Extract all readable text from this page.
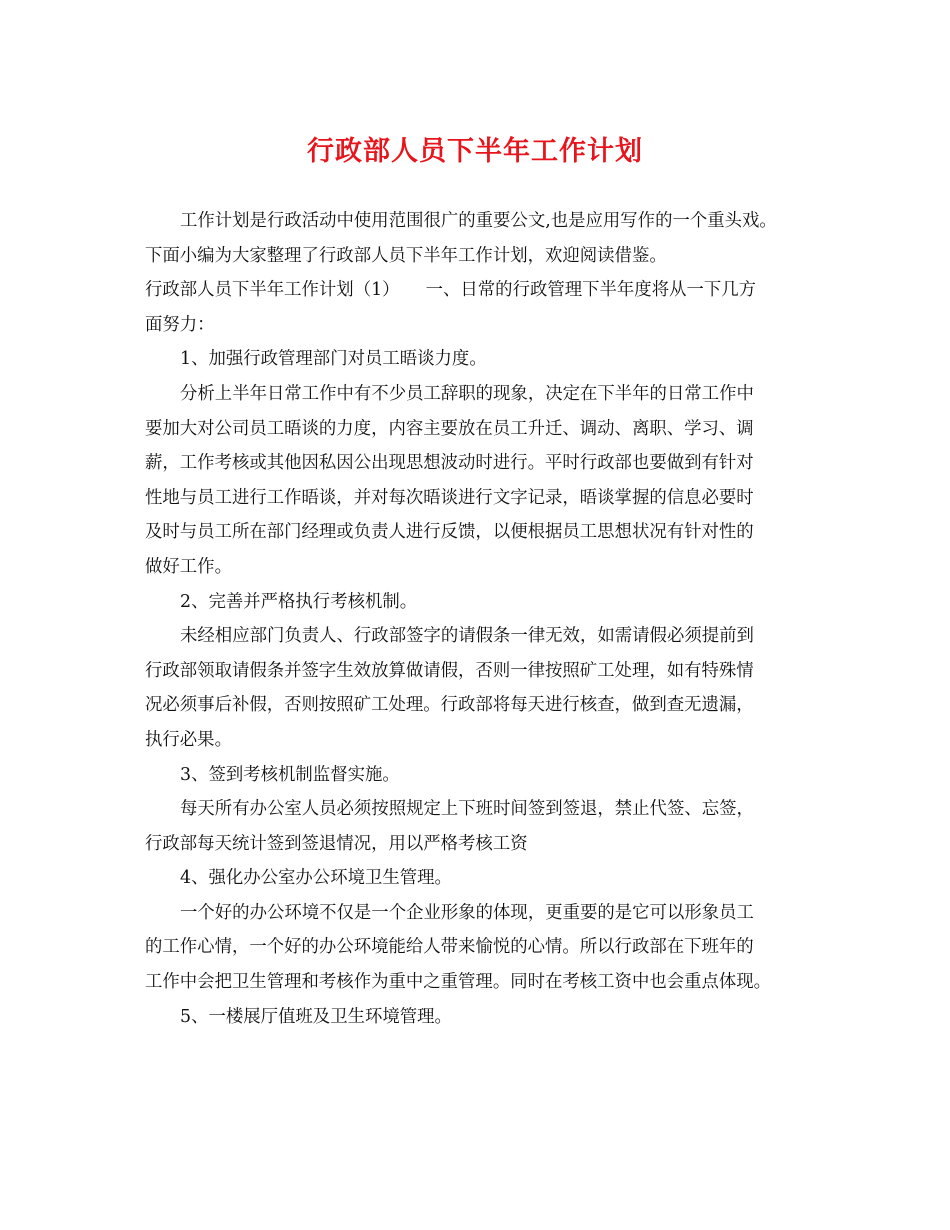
行政部人员下半年工作计划

工作计划是行政活动中使用范围很广的重要公文,也是应用写作的一个重头戏。

下面小编为大家整理了行政部人员下半年工作计划，欢迎阅读借鉴。

行政部人员下半年工作计划（1）　　一、日常的行政管理下半年度将从一下几方

面努力：

1、加强行政管理部门对员工晤谈力度。

分析上半年日常工作中有不少员工辞职的现象，决定在下半年的日常工作中

要加大对公司员工晤谈的力度，内容主要放在员工升迁、调动、离职、学习、调

薪，工作考核或其他因私因公出现思想波动时进行。平时行政部也要做到有针对

性地与员工进行工作晤谈，并对每次晤谈进行文字记录，晤谈掌握的信息必要时

及时与员工所在部门经理或负责人进行反馈，以便根据员工思想状况有针对性的

做好工作。

2、完善并严格执行考核机制。

未经相应部门负责人、行政部签字的请假条一律无效，如需请假必须提前到

行政部领取请假条并签字生效放算做请假，否则一律按照矿工处理，如有特殊情

况必须事后补假，否则按照矿工处理。行政部将每天进行核查，做到查无遗漏，

执行必果。

3、签到考核机制监督实施。

每天所有办公室人员必须按照规定上下班时间签到签退，禁止代签、忘签，

行政部每天统计签到签退情况，用以严格考核工资

4、强化办公室办公环境卫生管理。

一个好的办公环境不仅是一个企业形象的体现，更重要的是它可以形象员工

的工作心情，一个好的办公环境能给人带来愉悦的心情。所以行政部在下班年的

工作中会把卫生管理和考核作为重中之重管理。同时在考核工资中也会重点体现。

5、一楼展厅值班及卫生环境管理。
